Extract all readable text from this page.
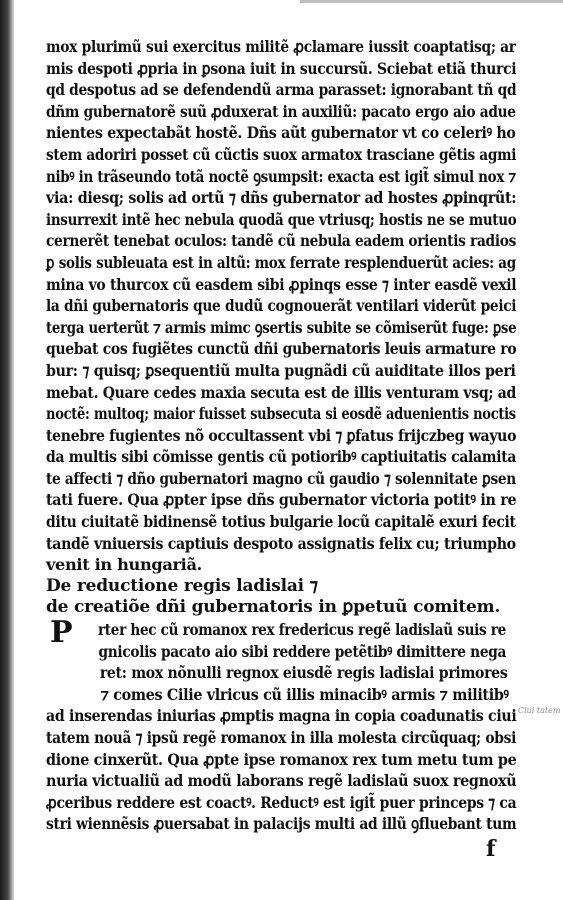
mox plurimũ sui exercitus militẽ ꝓclamare iussit coaptatisq; ar
mis despoti ꝓpria in ꝑsona iuit in succursũ. Sciebat etiã thurci
qd despotus ad se defendendũ arma parasset: ignorabant tñ qd
dñm gubernatorẽ suũ ꝓduxerat in auxiliũ: pacato ergo aio adue
nientes expectabãt hostẽ. Dñs aũt gubernator vt co celeriꝰ ho
stem adoriri posset cũ cũctis suox armatox trasciane gẽtis agmi
nibꝰ in trãseundo totã noctẽ ꝯsumpsit: exacta est igit̃ simul nox ⁊
via: diesq; solis ad ortũ ⁊ dñs gubernator ad hostes ꝓpinqrũt:
insurrexit intẽ hec nebula quodã que vtriusq; hostis ne se mutuo
cernerẽt tenebat oculos: tandẽ cũ nebula eadem orientis radios
ꝑ solis subleuata est in altũ: mox ferrate resplenduerũt acies: ag
mina vo thurcox cũ easdem sibi ꝓpinqs esse ⁊ inter easdẽ vexil
la dñi gubernatoris que dudũ cognouerãt ventilari viderũt peici
terga uerterũt ⁊ armis mimc ꝯsertis subite se cõmiserũt fuge: ꝑse
quebat cos fugiẽtes cunctũ dñi gubernatoris leuis armature ro
bur: ⁊ quisq; ꝑsequentiũ multa pugnãdi cũ auiditate illos peri
mebat. Quare cedes maxia secuta est de illis venturam vsq; ad
noctẽ: multoq; maior fuisset subsecuta si eosdẽ aduenientis noctis
tenebre fugientes nõ occultassent vbi ⁊ ꝑfatus frijczbeg wayuo
da multis sibi cõmisse gentis cũ potioribꝰ captiuitatis calamita
te affecti ⁊ dño gubernatori magno cũ gaudio ⁊ solennitate ꝑsen
tati fuere. Qua ꝓpter ipse dñs gubernator victoria potitꝰ in re
ditu ciuitatẽ bidinensẽ totius bulgarie locũ capitalẽ exuri fecit
tandẽ vniuersis captiuis despoto assignatis felix cu; triumpho
venit in hungariã.
De reductione regis ladislai ⁊
de creatiõe dñi gubernatoris in ꝑpetuũ comitem.
rter hec cũ romanox rex fredericus regẽ ladislaũ suis re
gnicolis pacato aio sibi reddere petẽtibꝰ dimittere nega
ret: mox nõnulli regnox eiusdẽ regis ladislai primores
⁊ comes Cilie vlricus cũ illis minacibꝰ armis ⁊ militibꝰ
ad inserendas iniurias ꝓmptis magna in copia coadunatis ciui
tatem nouã ⁊ ipsũ regẽ romanox in illa molesta circũquaq; obsi
dione cinxerũt. Qua ꝓpte ipse romanox rex tum metu tum pe
nuria victualiũ ad modũ laborans regẽ ladislaũ suox regnoxũ
ꝓceribus reddere est coactꝰ. Reductꝰ est igit̃ puer princeps ⁊ ca
stri wiennẽsis ꝓuersabat in palacijs multi ad illũ ꝯfluebant tum
P
Ciui tatem
f
